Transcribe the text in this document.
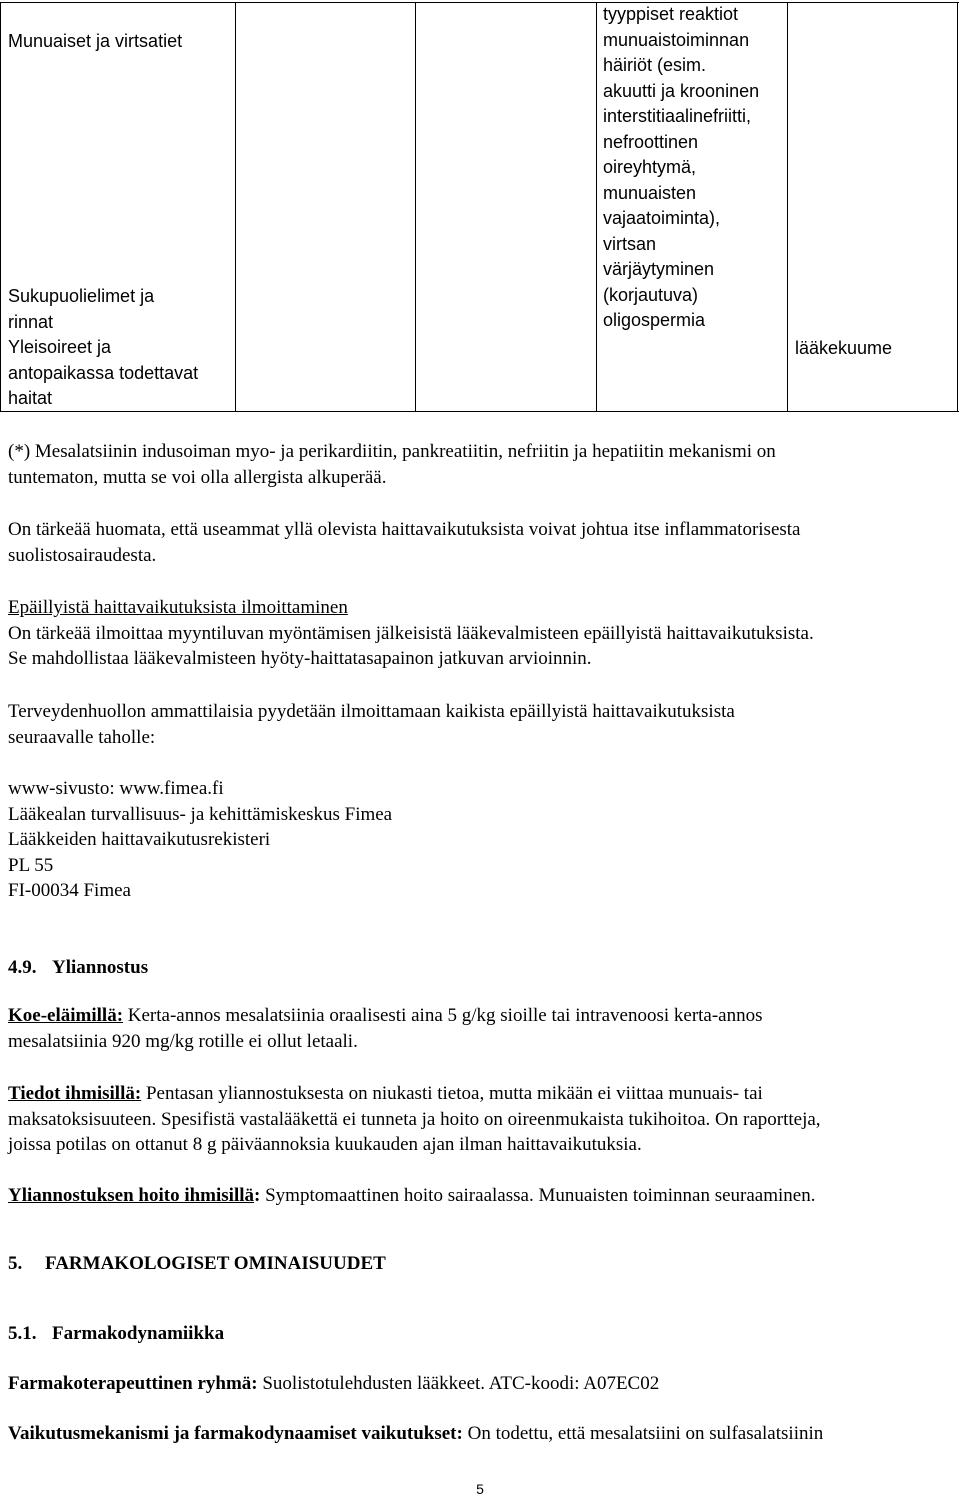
Munuaiset ja virtsatiet
Sukupuolielimet ja
rinnat
Yleisoireet ja
antopaikassa todettavat
haitat
tyyppiset reaktiot
munuaistoiminnan
häiriöt (esim.
akuutti ja krooninen
interstitiaalinefriitti,
nefroottinen
oireyhtymä,
munuaisten
vajaatoiminta),
virtsan
värjäytyminen
(korjautuva)
oligospermia
lääkekuume
(*) Mesalatsiinin indusoiman myo- ja perikardiitin, pankreatiitin, nefriitin ja hepatiitin mekanismi on
tuntematon, mutta se voi olla allergista alkuperää.
On tärkeää huomata, että useammat yllä olevista haittavaikutuksista voivat johtua itse inflammatorisesta
suolistosairaudesta.
Epäillyistä haittavaikutuksista ilmoittaminen
On tärkeää ilmoittaa myyntiluvan myöntämisen jälkeisistä lääkevalmisteen epäillyistä haittavaikutuksista.
Se mahdollistaa lääkevalmisteen hyöty-haittatasapainon jatkuvan arvioinnin.
Terveydenhuollon ammattilaisia pyydetään ilmoittamaan kaikista epäillyistä haittavaikutuksista
seuraavalle taholle:
www-sivusto: www.fimea.fi
Lääkealan turvallisuus- ja kehittämiskeskus Fimea
Lääkkeiden haittavaikutusrekisteri
PL 55
FI-00034 Fimea
4.9. Yliannostus
Koe-eläimillä: Kerta-annos mesalatsiinia oraalisesti aina 5 g/kg sioille tai intravenoosi kerta-annos
mesalatsiinia 920 mg/kg rotille ei ollut letaali.
Tiedot ihmisillä: Pentasan yliannostuksesta on niukasti tietoa, mutta mikään ei viittaa munuais- tai
maksatoksisuuteen. Spesifistä vastalääkettä ei tunneta ja hoito on oireenmukaista tukihoitoa. On raportteja,
joissa potilas on ottanut 8 g päiväannoksia kuukauden ajan ilman haittavaikutuksia.
Yliannostuksen hoito ihmisillä: Symptomaattinen hoito sairaalassa. Munuaisten toiminnan seuraaminen.
5. FARMAKOLOGISET OMINAISUUDET
5.1. Farmakodynamiikka
Farmakoterapeuttinen ryhmä: Suolistotulehdusten lääkkeet. ATC-koodi: A07EC02
Vaikutusmekanismi ja farmakodynaamiset vaikutukset: On todettu, että mesalatsiini on sulfasalatsiinin
5
